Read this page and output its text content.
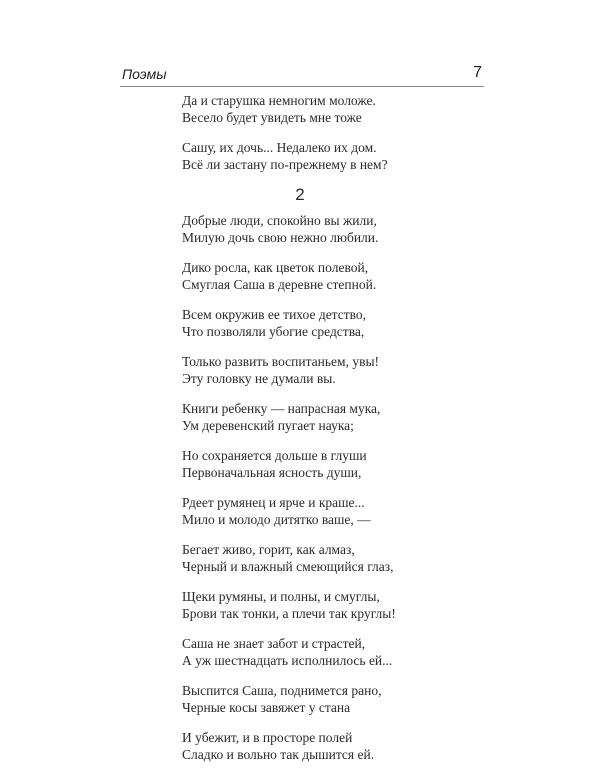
Поэмы	7
Да и старушка немногим моложе.
Весело будет увидеть мне тоже
Сашу, их дочь... Недалеко их дом.
Всё ли застану по-прежнему в нем?
2
Добрые люди, спокойно вы жили,
Милую дочь свою нежно любили.
Дико росла, как цветок полевой,
Смуглая Саша в деревне степной.
Всем окружив ее тихое детство,
Что позволяли убогие средства,
Только развить воспитаньем, увы!
Эту головку не думали вы.
Книги ребенку — напрасная мука,
Ум деревенский пугает наука;
Но сохраняется дольше в глуши
Первоначальная ясность души,
Рдеет румянец и ярче и краше...
Мило и молодо дитятко ваше, —
Бегает живо, горит, как алмаз,
Черный и влажный смеющийся глаз,
Щеки румяны, и полны, и смуглы,
Брови так тонки, а плечи так круглы!
Саша не знает забот и страстей,
А уж шестнадцать исполнилось ей...
Выспится Саша, поднимется рано,
Черные косы завяжет у стана
И убежит, и в просторе полей
Сладко и вольно так дышится ей.
